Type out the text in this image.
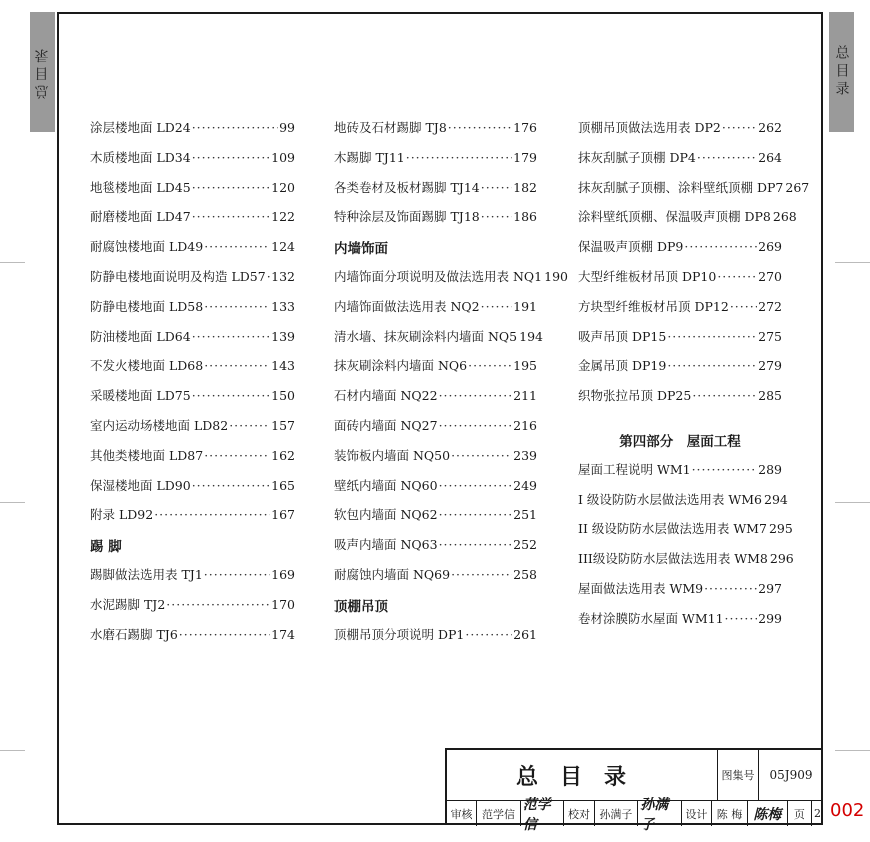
总目录	总目录
涂层楼地面 LD24 ·····	99
木质楼地面 LD34 ·····	109
地毯楼地面 LD45 ·····	120
耐磨楼地面 LD47 ·····	122
耐腐蚀楼地面 LD49 ·····	124
防静电楼地面说明及构造 LD57 ····· 132
防静电楼地面 LD58 ·····	133
防油楼地面 LD64 ·····	139
不发火楼地面 LD68 ·····	143
采暖楼地面 LD75 ·····	150
室内运动场楼地面 LD82 ·····	157
其他类楼地面 LD87 ·····	162
保湿楼地面 LD90 ·····	165
附录 LD92 ·····	167
踢 脚
踢脚做法选用表 TJ1 ·····	169
水泥踢脚 TJ2 ·····	170
水磨石踢脚 TJ6 ·····	174
地砖及石材踢脚 TJ8 ·····	176
木踢脚 TJ11 ·····	179
各类卷材及板材踢脚 TJ14 ·····	182
特种涂层及饰面踢脚 TJ18 ·····	186
内墙饰面
内墙饰面分项说明及做法选用表 NQ1 190
内墙饰面做法选用表 NQ2 ·····	191
清水墙、抹灰刷涂料内墙面 NQ5 194
抹灰刷涂料内墙面 NQ6 ·····	195
石材内墙面 NQ22 ·····	211
面砖内墙面 NQ27 ·····	216
装饰板内墙面 NQ50 ·····	239
壁纸内墙面 NQ60 ·····	249
软包内墙面 NQ62 ·····	251
吸声内墙面 NQ63 ·····	252
耐腐蚀内墙面 NQ69 ·····	258
顶棚吊顶
顶棚吊顶分项说明 DP1 ·····	261
顶棚吊顶做法选用表 DP2 ·····	262
抹灰刮腻子顶棚 DP4 ·····	264
抹灰刮腻子顶棚、涂料壁纸顶棚 DP7 267
涂料壁纸顶棚、保温吸声顶棚 DP8 268
保温吸声顶棚 DP9 ·····	269
大型纤维板材吊顶 DP10 ·····	270
方块型纤维板材吊顶 DP12 ····· 272
吸声吊顶 DP15 ·····	275
金属吊顶 DP19 ·····	279
织物张拉吊顶 DP25 ·····	285
第四部分　屋面工程
屋面工程说明 WM1 ·····	289
I 级设防防水层做法选用表 WM6 294
II 级设防防水层做法选用表 WM7 295
III级设防防水层做法选用表 WM8 296
屋面做法选用表 WM9 ·····	297
卷材涂膜防水屋面 WM11 ·····	299
总目录	图集号	05J909
审核 范学信
范学信
校对 孙满子
孙满子
设计 陈 梅 陈梅	页 2 002
